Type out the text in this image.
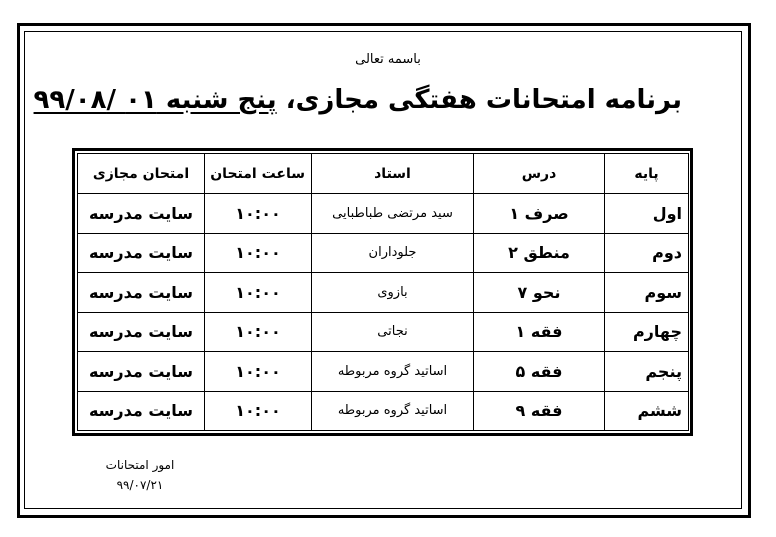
باسمه تعالی
برنامه امتحانات هفتگی مجازی، پنج شنبه ۰۱ /۹۹/۰۸
پایه	درس	استاد	ساعت امتحان	امتحان مجازی
اول	صرف ۱	سید مرتضی طباطبایی	۱۰:۰۰	سایت مدرسه
دوم	منطق ۲	جلوداران	۱۰:۰۰	سایت مدرسه
سوم	نحو ۷	بازوی	۱۰:۰۰	سایت مدرسه
چهارم	فقه ۱	نجاتی	۱۰:۰۰	سایت مدرسه
پنجم	فقه ۵	اساتید گروه مربوطه	۱۰:۰۰	سایت مدرسه
ششم	فقه ۹	اساتید گروه مربوطه	۱۰:۰۰	سایت مدرسه
امور امتحانات
۹۹/۰۷/۲۱
